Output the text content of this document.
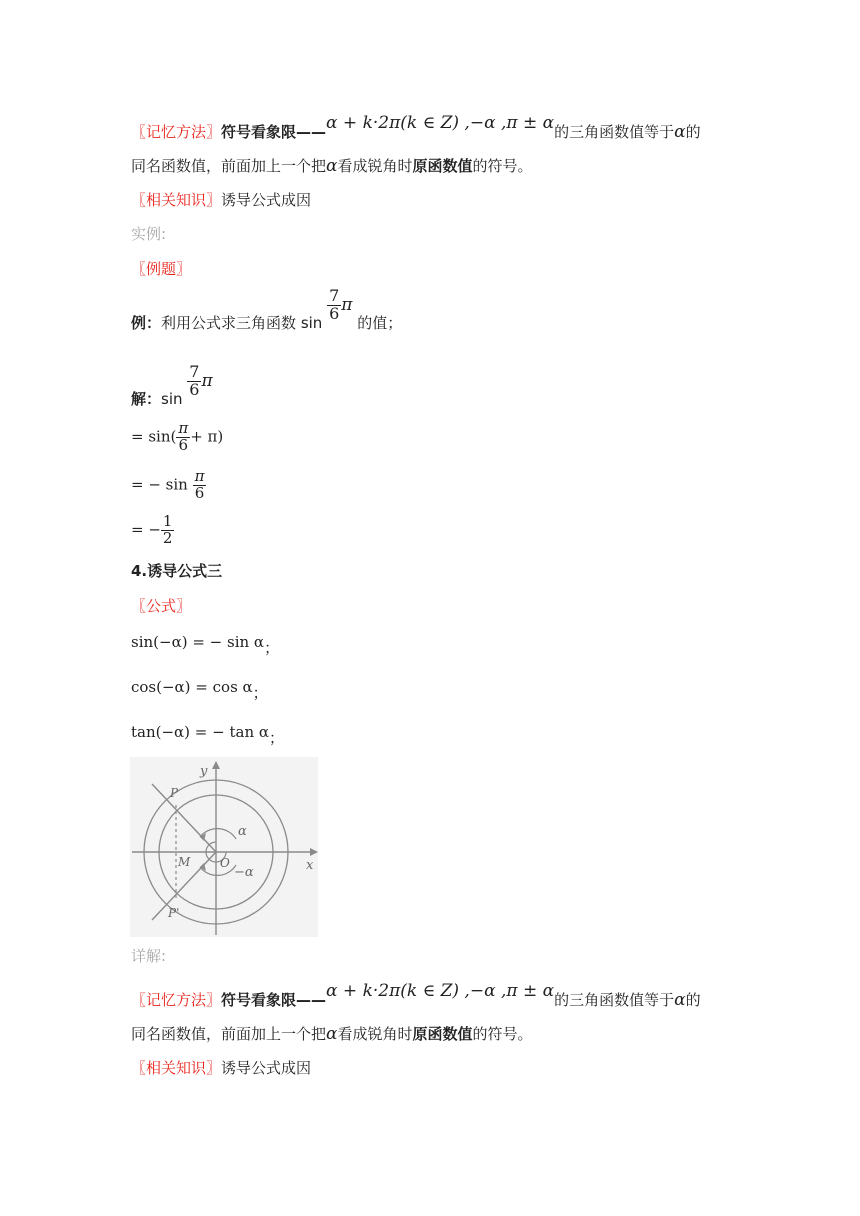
〖记忆方法〗符号看象限——α + k·2π(k ∈ Z) ,−α ,π ± α的三角函数值等于α的
同名函数值，前面加上一个把α看成锐角时原函数值的符号。
〖相关知识〗诱导公式成因
实例:
〖例题〗
例：利用公式求三角函数 sin
$\frac{7}{6}$ π 的值；
解：sin
$\frac{7}{6}$ π
= $\sin( \frac{\pi}{6} + \pi)$
= − $\sin \frac{\pi}{6}$
= − $\frac{1}{2}$
4.诱导公式三
〖公式〗
sin(−α) = − sin α；
cos(−α) = cos α；
tan(−α) = − tan α；
y
x
P
P'
M O
α
−α
详解:
〖记忆方法〗符号看象限——α + k·2π(k ∈ Z) ,−α ,π ± α的三角函数值等于α的
同名函数值，前面加上一个把α看成锐角时原函数值的符号。
〖相关知识〗诱导公式成因
